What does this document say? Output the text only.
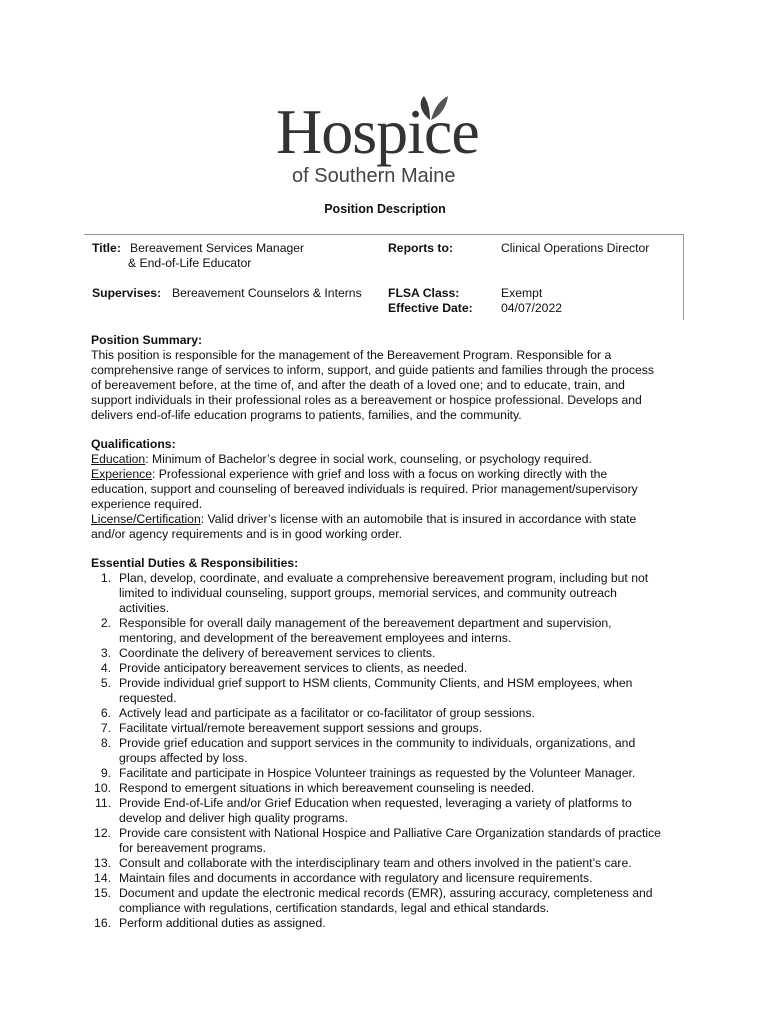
Hospice
of Southern Maine
Position Description
Title: Bereavement Services Manager
& End-of-Life Educator
Reports to:	Clinical Operations Director
Supervises: Bereavement Counselors & Interns FLSA Class:	Exempt
Effective Date: 04/07/2022
Position Summary:
This position is responsible for the management of the Bereavement Program. Responsible for a
comprehensive range of services to inform, support, and guide patients and families through the process
of bereavement before, at the time of, and after the death of a loved one; and to educate, train, and
support individuals in their professional roles as a bereavement or hospice professional. Develops and
delivers end-of-life education programs to patients, families, and the community.
Qualifications:
Education: Minimum of Bachelor’s degree in social work, counseling, or psychology required.
Experience: Professional experience with grief and loss with a focus on working directly with the
education, support and counseling of bereaved individuals is required. Prior management/supervisory
experience required.
License/Certification: Valid driver’s license with an automobile that is insured in accordance with state
and/or agency requirements and is in good working order.
Essential Duties & Responsibilities:
1. Plan, develop, coordinate, and evaluate a comprehensive bereavement program, including but not
limited to individual counseling, support groups, memorial services, and community outreach
activities.
2. Responsible for overall daily management of the bereavement department and supervision,
mentoring, and development of the bereavement employees and interns.
3. Coordinate the delivery of bereavement services to clients.
4. Provide anticipatory bereavement services to clients, as needed.
5. Provide individual grief support to HSM clients, Community Clients, and HSM employees, when
requested.
6. Actively lead and participate as a facilitator or co-facilitator of group sessions.
7. Facilitate virtual/remote bereavement support sessions and groups.
8. Provide grief education and support services in the community to individuals, organizations, and
groups affected by loss.
9. Facilitate and participate in Hospice Volunteer trainings as requested by the Volunteer Manager.
10. Respond to emergent situations in which bereavement counseling is needed.
11. Provide End-of-Life and/or Grief Education when requested, leveraging a variety of platforms to
develop and deliver high quality programs.
12. Provide care consistent with National Hospice and Palliative Care Organization standards of practice
for bereavement programs.
13. Consult and collaborate with the interdisciplinary team and others involved in the patient’s care.
14. Maintain files and documents in accordance with regulatory and licensure requirements.
15. Document and update the electronic medical records (EMR), assuring accuracy, completeness and
compliance with regulations, certification standards, legal and ethical standards.
16. Perform additional duties as assigned.
